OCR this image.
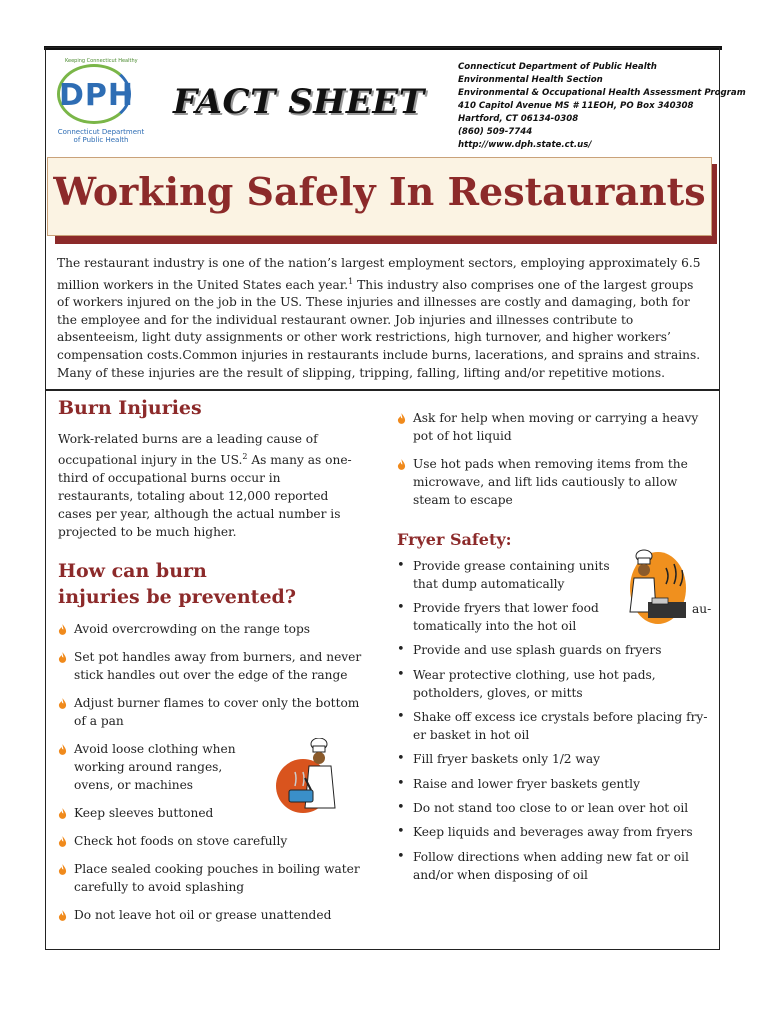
Keeping Connecticut Healthy
DPH
Connecticut Department of Public Health
FACT SHEET
Connecticut Department of Public Health
Environmental Health Section
Environmental & Occupational Health Assessment Program
410 Capitol Avenue MS # 11EOH, PO Box 340308
Hartford, CT 06134-0308
(860) 509-7744
http://www.dph.state.ct.us/
Working Safely In Restaurants

The restaurant industry is one of the nation’s largest employment sectors, employing approximately 6.5 million workers in the United States each year.$^1$ This industry also comprises one of the largest groups of workers injured on the job in the US. These injuries and illnesses are costly and damaging, both for the employee and for the individual restaurant owner. Job injuries and illnesses contribute to absenteeism, light duty assignments or other work restrictions, high turnover, and higher workers’ compensation costs.Common injuries in restaurants include burns, lacerations, and sprains and strains. Many of these injuries are the result of slipping, tripping, falling, lifting and/or repetitive motions.

Burn Injuries

Work-related burns are a leading cause of occupational injury in the US.$^2$ As many as one-third of occupational burns occur in restaurants, totaling about 12,000 reported cases per year, although the actual number is projected to be much higher.

How can burn
injuries be prevented?
Avoid overcrowding on the range tops
Set pot handles away from burners, and never stick handles out over the edge of the range
Adjust burner flames to cover only the bottom of a pan
Avoid loose clothing when working around ranges, ovens, or machines
Keep sleeves buttoned
Check hot foods on stove carefully
Place sealed cooking pouches in boiling water carefully to avoid splashing
Do not leave hot oil or grease unattended
Ask for help when moving or carrying a heavy pot of hot liquid
Use hot pads when removing items from the microwave, and lift lids cautiously to allow steam to escape
Fryer Safety:
• Provide grease containing units that dump automatically
• Provide fryers that lower food tomatically into the hot oil
• Provide and use splash guards on fryers
• Wear protective clothing, use hot pads, potholders, gloves, or mitts
• Shake off excess ice crystals before placing fry-er basket in hot oil
• Fill fryer baskets only 1/2 way
• Raise and lower fryer baskets gently
• Do not stand too close to or lean over hot oil
• Keep liquids and beverages away from fryers
• Follow directions when adding new fat or oil and/or when disposing of oil
au-
